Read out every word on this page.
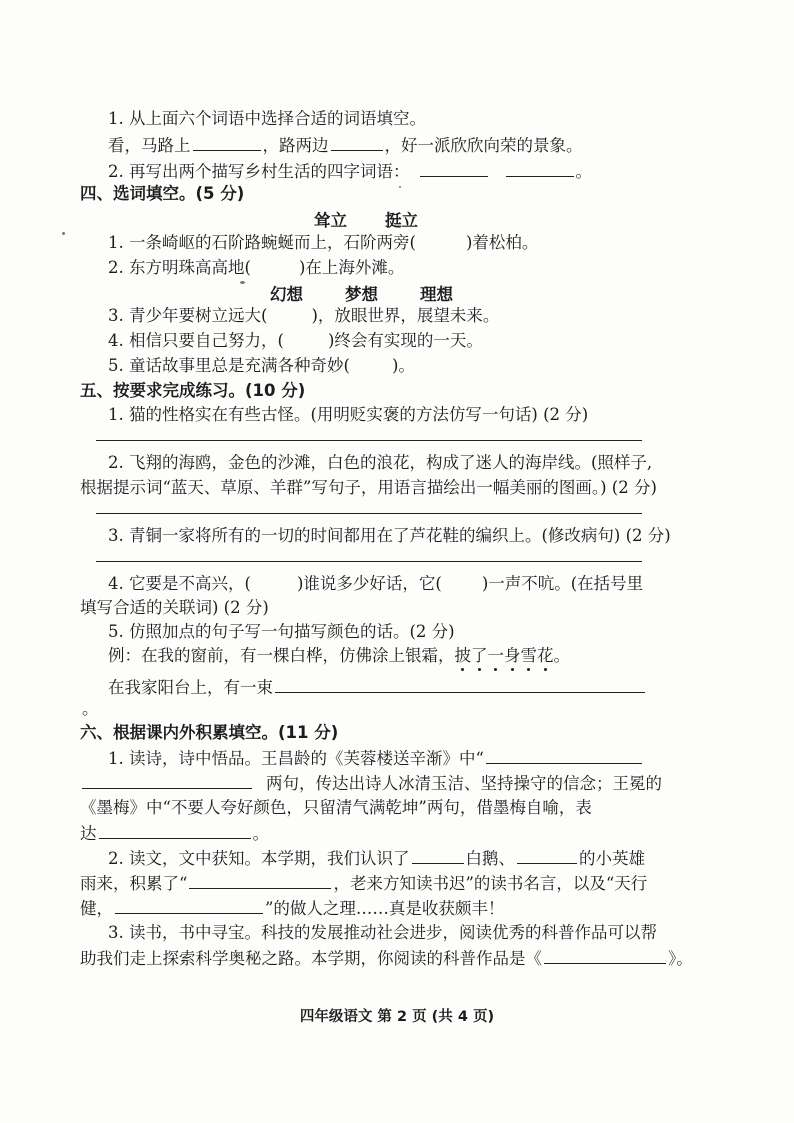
1. 从上面六个词语中选择合适的词语填空。
看，马路上	，路两边	，好一派欣欣向荣的景象。
2. 再写出两个描写乡村生活的四字词语：	。
四、选词填空。(5 分)
耸立 挺立
1. 一条崎岖的石阶路蜿蜒而上，石阶两旁(	)着松柏。
2. 东方明珠高高地(	)在上海外滩。
幻想	梦想	理想
3. 青少年要树立远大(	)，放眼世界，展望未来。
4. 相信只要自己努力，(	)终会有实现的一天。
5. 童话故事里总是充满各种奇妙(	)。
五、按要求完成练习。(10 分)
1. 猫的性格实在有些古怪。(用明贬实褒的方法仿写一句话) (2 分)
2. 飞翔的海鸥，金色的沙滩，白色的浪花，构成了迷人的海岸线。(照样子,
根据提示词“蓝天、草原、羊群”写句子，用语言描绘出一幅美丽的图画。) (2 分)
3. 青铜一家将所有的一切的时间都用在了芦花鞋的编织上。(修改病句) (2 分)
4. 它要是不高兴，(	)谁说多少好话，它( )一声不吭。(在括号里
填写合适的关联词) (2 分)
5. 仿照加点的句子写一句描写颜色的话。(2 分)
例：在我的窗前，有一棵白桦，仿佛涂上银霜，披了一身雪花。
在我家阳台上，有一束
。
六、根据课内外积累填空。(11 分)
1. 读诗，诗中悟品。王昌龄的《芙蓉楼送辛渐》中“
两句，传达出诗人冰清玉洁、坚持操守的信念；王冕的
《墨梅》中“不要人夸好颜色，只留清气满乾坤”两句，借墨梅自喻，表
达	。
2. 读文，文中获知。本学期，我们认识了	白鹅、	的小英雄
雨来，积累了“	，老来方知读书迟”的读书名言，以及“天行
健，	”的做人之理……真是收获颇丰！
3. 读书，书中寻宝。科技的发展推动社会进步，阅读优秀的科普作品可以帮
助我们走上探索科学奥秘之路。本学期，你阅读的科普作品是《	》。
四年级语文 第 2 页 (共 4 页)
